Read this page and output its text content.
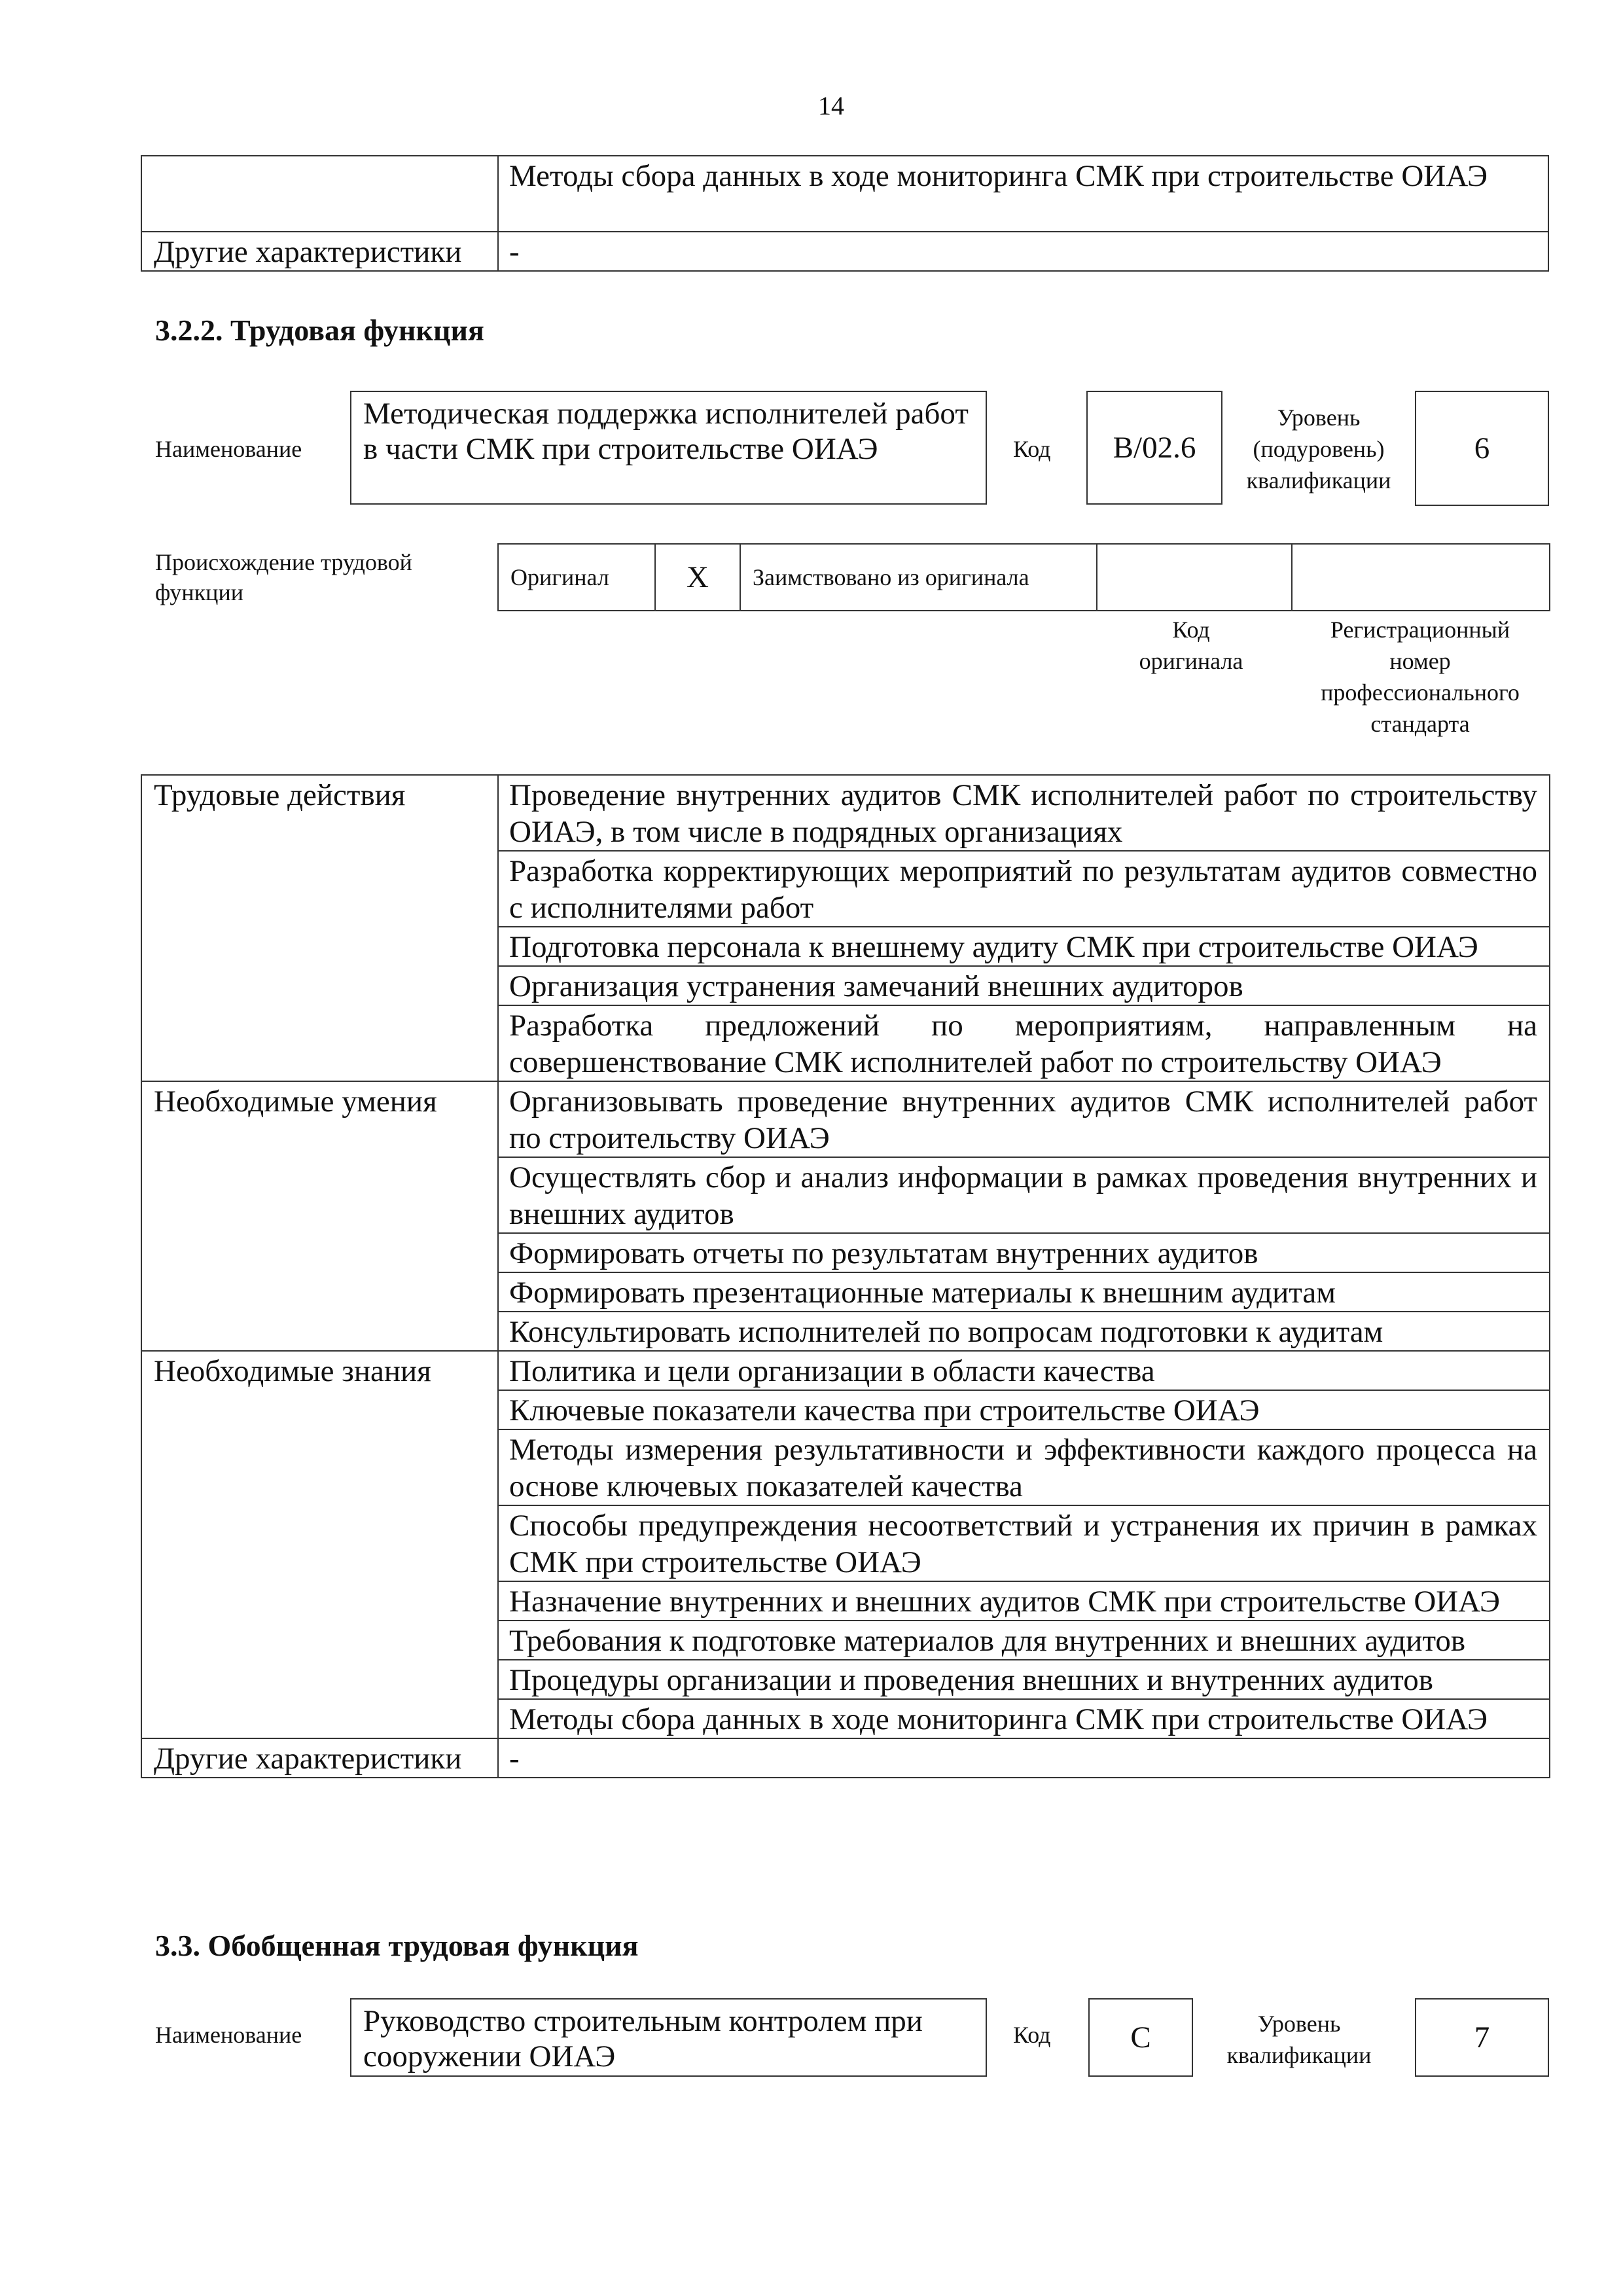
14
	Методы сбора данных в ходе мониторинга СМК при строительстве ОИАЭ
Другие характеристики	-
3.2.2. Трудовая функция
Наименование
Методическая поддержка исполнителей работ в части СМК при строительстве ОИАЭ	Код B/02.6
Уровень
(подуровень)
квалификации
6
Происхождение трудовой
функции
Оригинал	X	Заимствовано из оригинала		
Код
оригинала
Регистрационный
номер
профессионального
стандарта
Трудовые действия	Проведение внутренних аудитов СМК исполнителей работ по строительству ОИАЭ, в том числе в подрядных организациях
	Разработка корректирующих мероприятий по результатам аудитов совместно с исполнителями работ
	Подготовка персонала к внешнему аудиту СМК при строительстве ОИАЭ
	Организация устранения замечаний внешних аудиторов
	Разработка предложений по мероприятиям, направленным на совершенствование СМК исполнителей работ по строительству ОИАЭ
Необходимые умения	Организовывать проведение внутренних аудитов СМК исполнителей работ по строительству ОИАЭ
	Осуществлять сбор и анализ информации в рамках проведения внутренних и внешних аудитов
	Формировать отчеты по результатам внутренних аудитов
	Формировать презентационные материалы к внешним аудитам
	Консультировать исполнителей по вопросам подготовки к аудитам
Необходимые знания	Политика и цели организации в области качества
	Ключевые показатели качества при строительстве ОИАЭ
	Методы измерения результативности и эффективности каждого процесса на основе ключевых показателей качества
	Способы предупреждения несоответствий и устранения их причин в рамках СМК при строительстве ОИАЭ
	Назначение внутренних и внешних аудитов СМК при строительстве ОИАЭ
	Требования к подготовке материалов для внутренних и внешних аудитов
	Процедуры организации и проведения внешних и внутренних аудитов
	Методы сбора данных в ходе мониторинга СМК при строительстве ОИАЭ
Другие характеристики	-
3.3. Обобщенная трудовая функция
Наименование	Руководство строительным контролем при сооружении ОИАЭ
Код	C	Уровень
квалификации
7
